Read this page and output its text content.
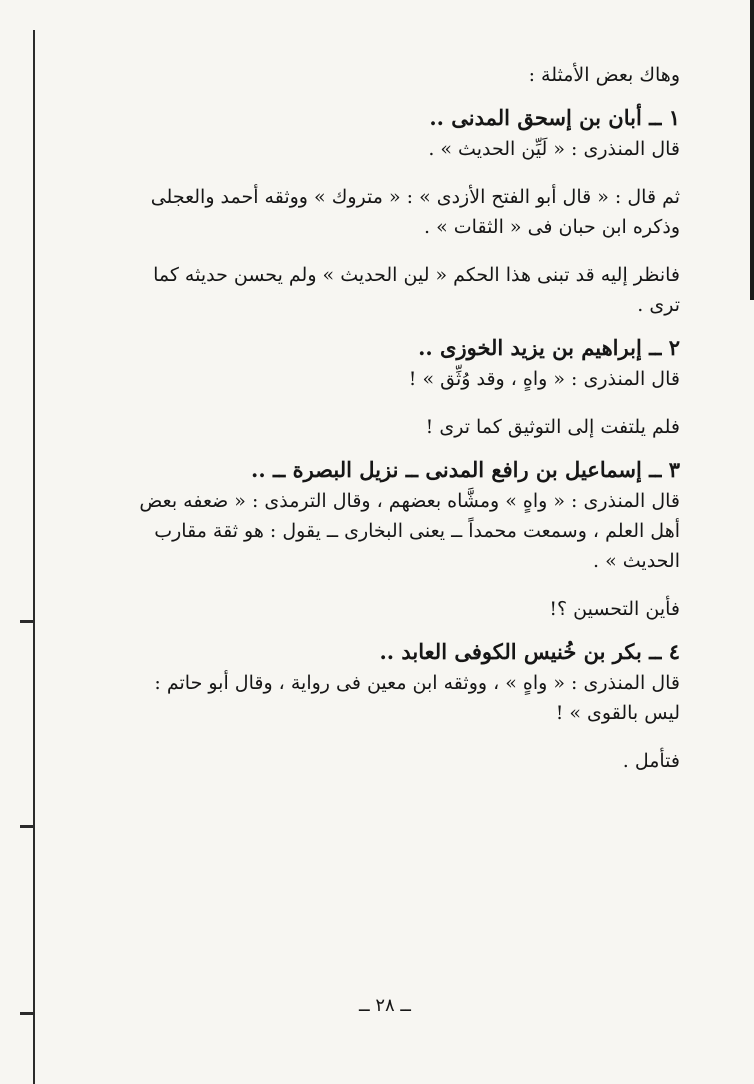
وهاك بعض الأمثلة :
١ ــ أبان بن إسحق المدنى ..
قال المنذرى : « لَيِّن الحديث » .
ثم قال : « قال أبو الفتح الأزدى » : « متروك » ووثقه أحمد والعجلى
وذكره ابن حبان فى « الثقات » .
فانظر إليه قد تبنى هذا الحكم « لين الحديث » ولم يحسن حديثه كما
ترى .
٢ ــ إبراهيم بن يزيد الخوزى ..
قال المنذرى : « واهٍ ، وقد وُثِّق » !
فلم يلتفت إلى التوثيق كما ترى !
٣ ــ إسماعيل بن رافع المدنى ــ نزيل البصرة ــ ..
قال المنذرى : « واهٍ » ومشَّاه بعضهم ، وقال الترمذى : « ضعفه بعض
أهل العلم ، وسمعت محمداً ــ يعنى البخارى ــ يقول : هو ثقة مقارب
الحديث » .
فأين التحسين ؟!
٤ ــ بكر بن خُنيس الكوفى العابد ..
قال المنذرى : « واهٍ » ، ووثقه ابن معين فى رواية ، وقال أبو حاتم :
ليس بالقوى » !
فتأمل .
ــ ٢٨ ــ
